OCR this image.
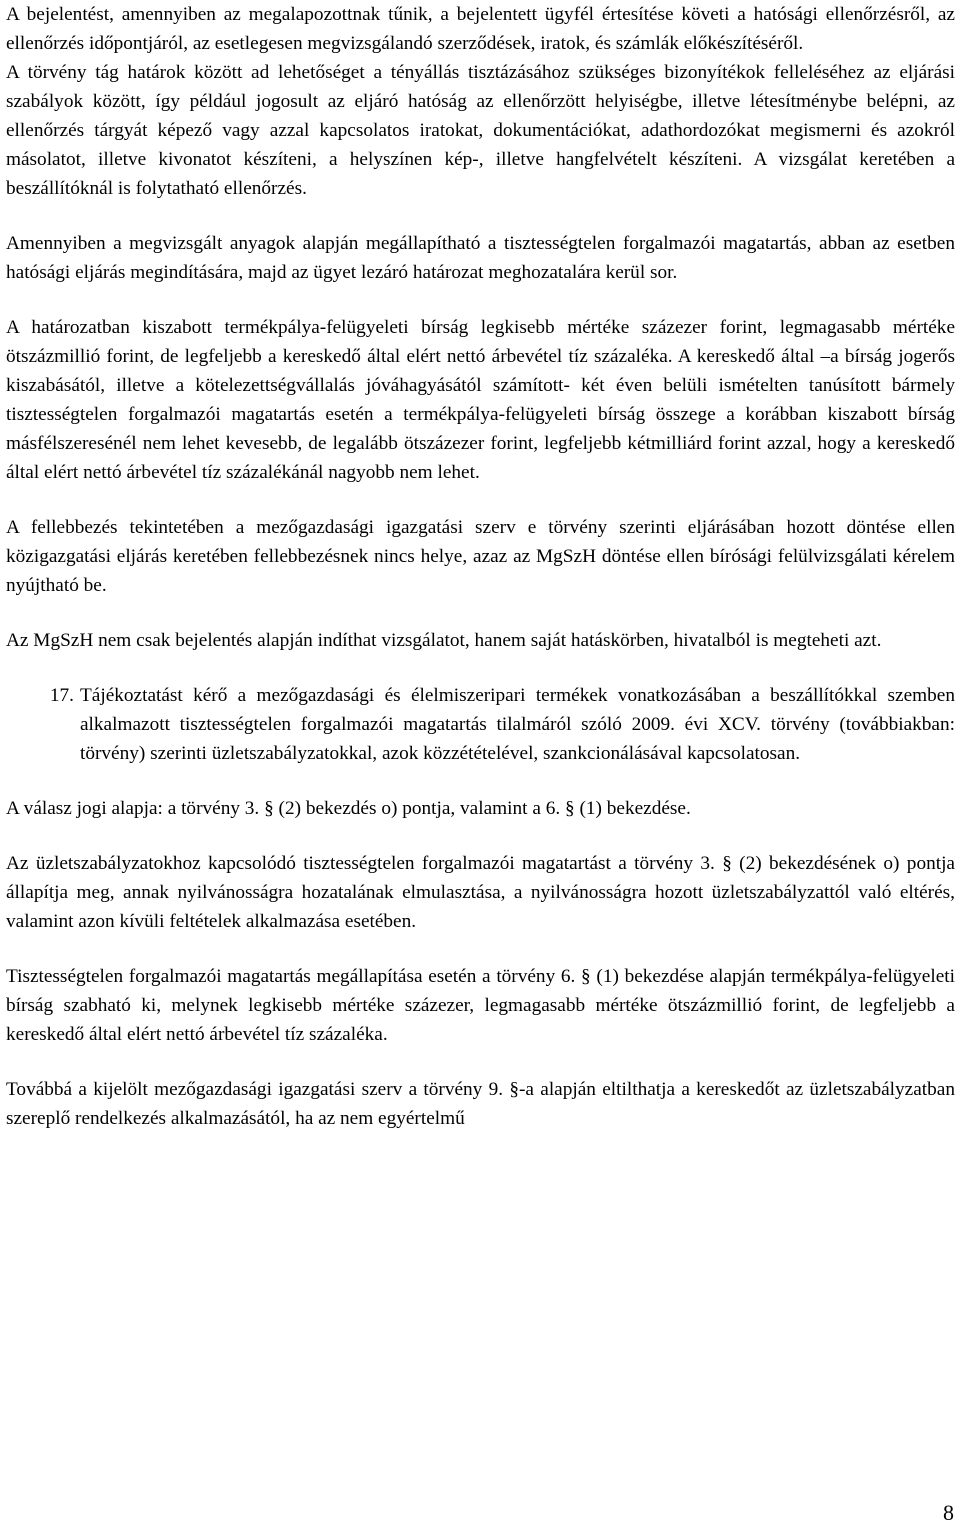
A bejelentést, amennyiben az megalapozottnak tűnik, a bejelentett ügyfél értesítése követi a hatósági ellenőrzésről, az ellenőrzés időpontjáról, az esetlegesen megvizsgálandó szerződések, iratok, és számlák előkészítéséről.

A törvény tág határok között ad lehetőséget a tényállás tisztázásához szükséges bizonyítékok felleléséhez az eljárási szabályok között, így például jogosult az eljáró hatóság az ellenőrzött helyiségbe, illetve létesítménybe belépni, az ellenőrzés tárgyát képező vagy azzal kapcsolatos iratokat, dokumentációkat, adathordozókat megismerni és azokról másolatot, illetve kivonatot készíteni, a helyszínen kép-, illetve hangfelvételt készíteni. A vizsgálat keretében a beszállítóknál is folytatható ellenőrzés.

Amennyiben a megvizsgált anyagok alapján megállapítható a tisztességtelen forgalmazói magatartás, abban az esetben hatósági eljárás megindítására, majd az ügyet lezáró határozat meghozatalára kerül sor.

A határozatban kiszabott termékpálya-felügyeleti bírság legkisebb mértéke százezer forint, legmagasabb mértéke ötszázmillió forint, de legfeljebb a kereskedő által elért nettó árbevétel tíz százaléka. A kereskedő által –a bírság jogerős kiszabásától, illetve a kötelezettségvállalás jóváhagyásától számított- két éven belüli ismételten tanúsított bármely tisztességtelen forgalmazói magatartás esetén a termékpálya-felügyeleti bírság összege a korábban kiszabott bírság másfélszeresénél nem lehet kevesebb, de legalább ötszázezer forint, legfeljebb kétmilliárd forint azzal, hogy a kereskedő által elért nettó árbevétel tíz százalékánál nagyobb nem lehet.

A fellebbezés tekintetében a mezőgazdasági igazgatási szerv e törvény szerinti eljárásában hozott döntése ellen közigazgatási eljárás keretében fellebbezésnek nincs helye, azaz az MgSzH döntése ellen bírósági felülvizsgálati kérelem nyújtható be.

Az MgSzH nem csak bejelentés alapján indíthat vizsgálatot, hanem saját hatáskörben, hivatalból is megteheti azt.

17. Tájékoztatást kérő a mezőgazdasági és élelmiszeripari termékek vonatkozásában a beszállítókkal szemben alkalmazott tisztességtelen forgalmazói magatartás tilalmáról szóló 2009. évi XCV. törvény (továbbiakban: törvény) szerinti üzletszabályzatokkal, azok közzétételével, szankcionálásával kapcsolatosan.

A válasz jogi alapja: a törvény 3. § (2) bekezdés o) pontja, valamint a 6. § (1) bekezdése.

Az üzletszabályzatokhoz kapcsolódó tisztességtelen forgalmazói magatartást a törvény 3. § (2) bekezdésének o) pontja állapítja meg, annak nyilvánosságra hozatalának elmulasztása, a nyilvánosságra hozott üzletszabályzattól való eltérés, valamint azon kívüli feltételek alkalmazása esetében.

Tisztességtelen forgalmazói magatartás megállapítása esetén a törvény 6. § (1) bekezdése alapján termékpálya-felügyeleti bírság szabható ki, melynek legkisebb mértéke százezer, legmagasabb mértéke ötszázmillió forint, de legfeljebb a kereskedő által elért nettó árbevétel tíz százaléka.

Továbbá a kijelölt mezőgazdasági igazgatási szerv a törvény 9. §-a alapján eltilthatja a kereskedőt az üzletszabályzatban szereplő rendelkezés alkalmazásától, ha az nem egyértelmű

8
